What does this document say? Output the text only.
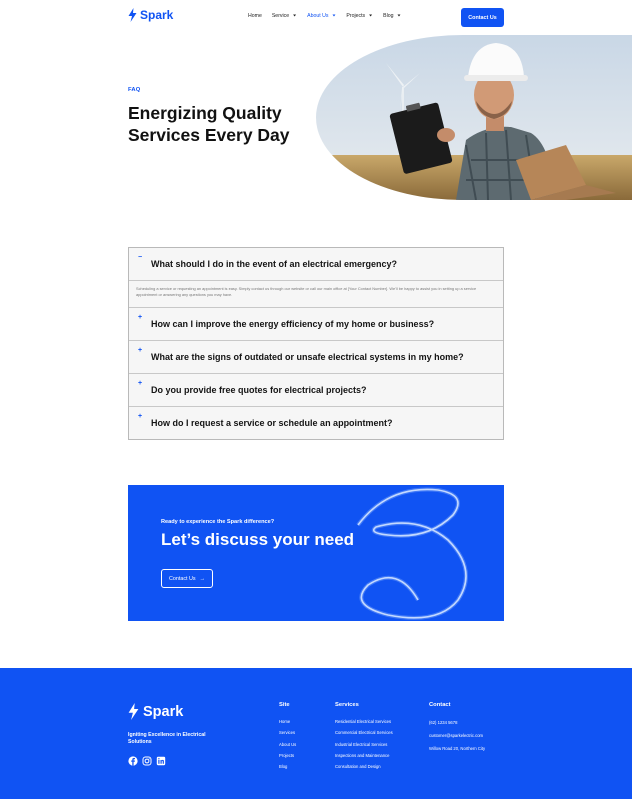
Spark	Home Service ▼ About Us ▼ Projects ▼ Blog ▼	Contact Us
FAQ
Energizing Quality Services Every Day
−
What should I do in the event of an electrical emergency?
Scheduling a service or requesting an appointment is easy. Simply contact us through our website or call our main office at [Your Contact Number]. We'll be happy to assist you in setting up a service appointment or answering any questions you may have.
+
How can I improve the energy efficiency of my home or business?
+
What are the signs of outdated or unsafe electrical systems in my home?
+
Do you provide free quotes for electrical projects?
+
How do I request a service or schedule an appointment?
Ready to experience the Spark difference?
Let’s discuss your need
Contact Us →
Spark
Igniting Excellence in Electrical Solutions
Site
Home
Services
About Us
Projects
Blog
Services
Residential Electrical Services
Commercial Electrical Services
Industrial Electrical Services
Inspections and Maintenance
Consultation and Design
Contact
(62) 1234 5678
customer@sparkelectric.com
Willow Road 20, Northern City
